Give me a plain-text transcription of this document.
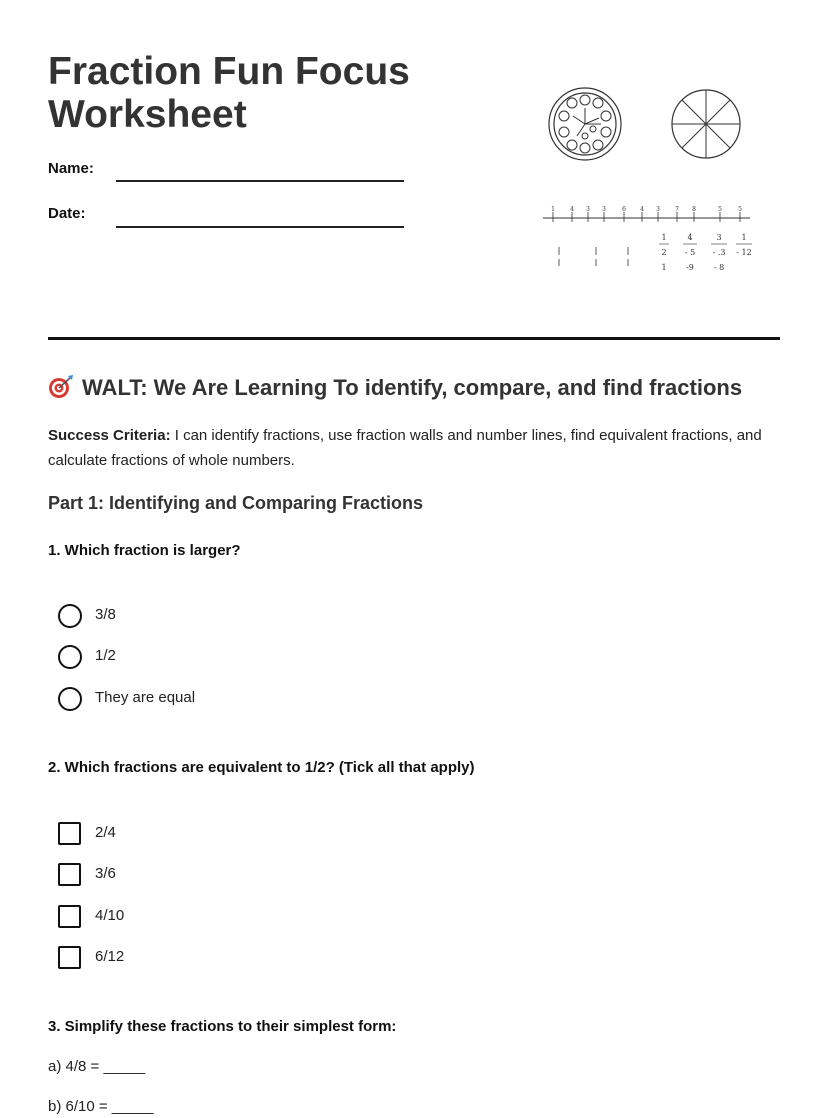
Fraction Fun Focus
Worksheet
Name:
Date:	1	4 3 3	6 4 3	7 8	5	5
1
2
1
4
- 5
-9
3
- .3
- 8
1
- 12
WALT: We Are Learning To identify, compare, and find fractions

Success Criteria: I can identify fractions, use fraction walls and number lines, find equivalent fractions, and calculate fractions of whole numbers.

Part 1: Identifying and Comparing Fractions

1. Which fraction is larger?

3/8
1/2
They are equal

2. Which fractions are equivalent to 1/2? (Tick all that apply)

2/4
3/6
4/10
6/12

3. Simplify these fractions to their simplest form:

a) 4/8 = _____
b) 6/10 = _____
